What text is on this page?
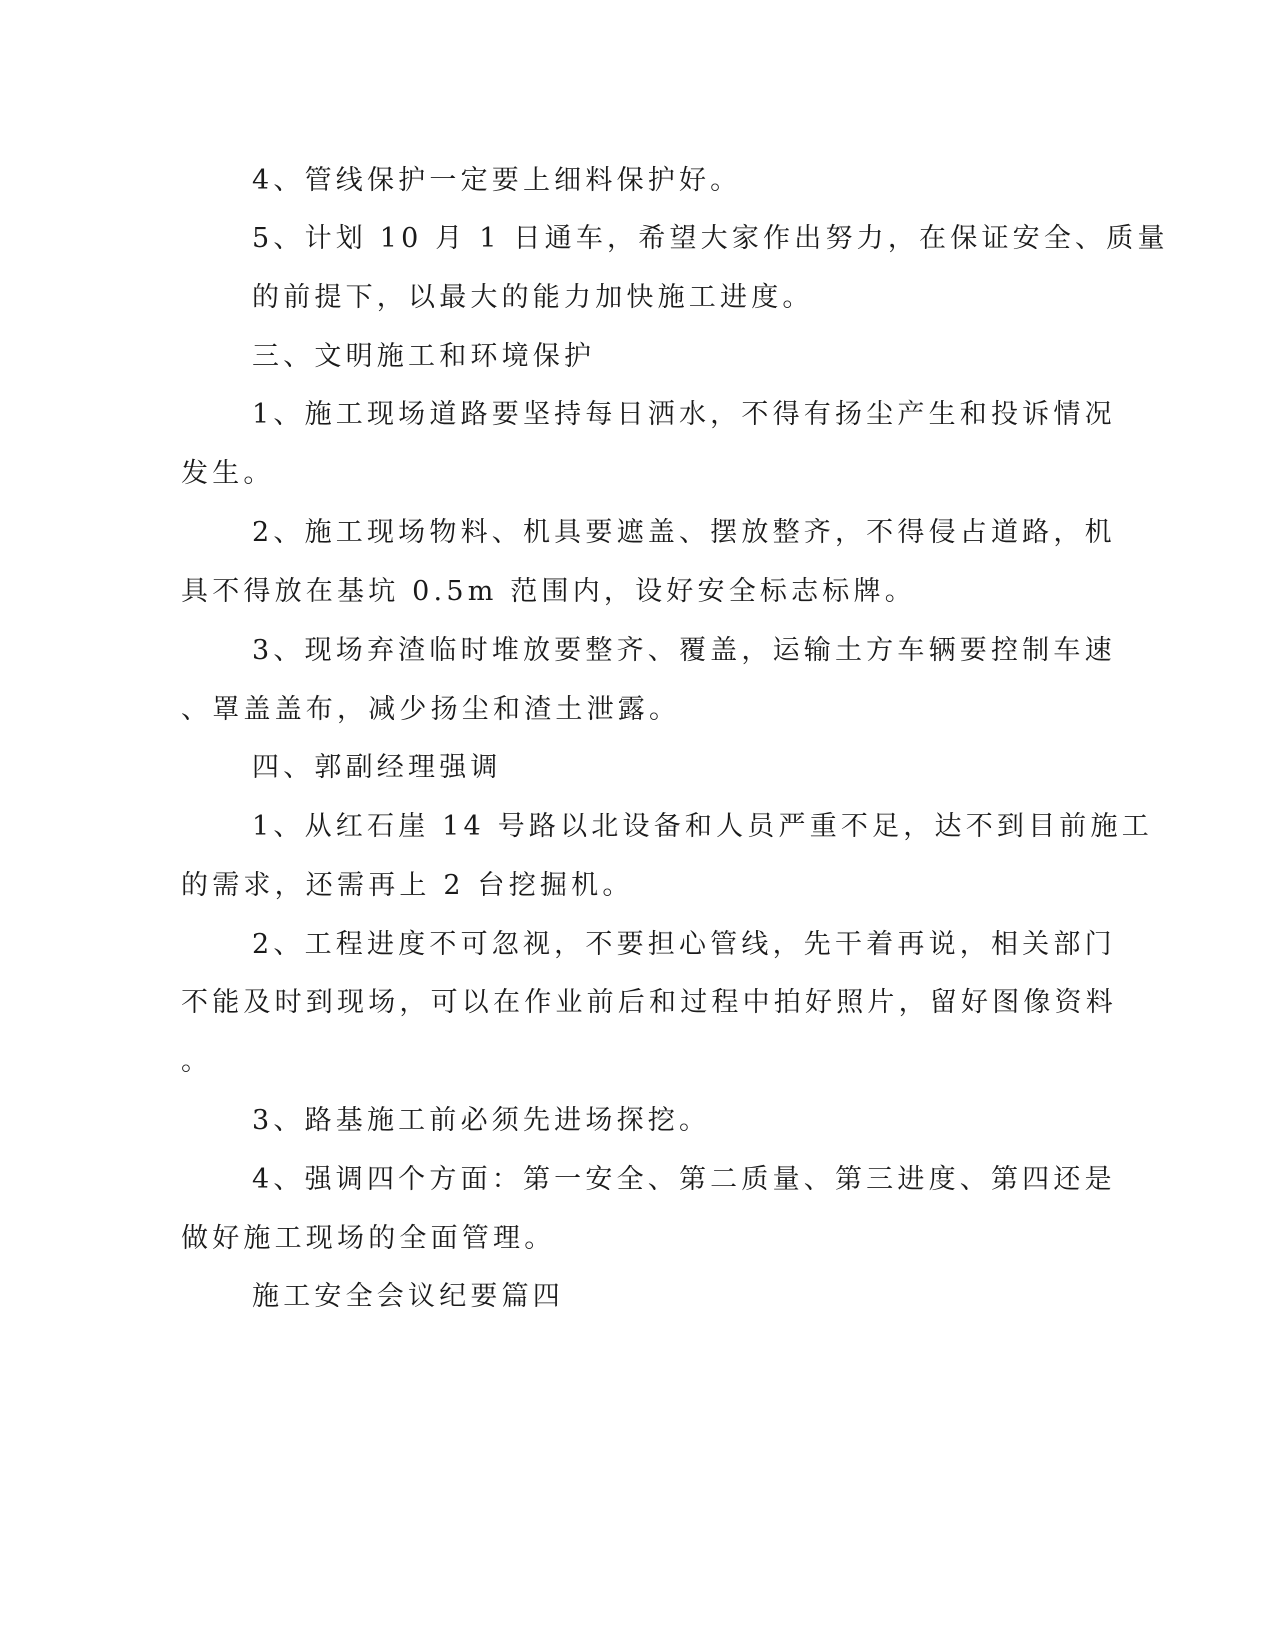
4、管线保护一定要上细料保护好。
5、计划 10 月 1 日通车，希望大家作出努力，在保证安全、质量
的前提下，以最大的能力加快施工进度。
三、文明施工和环境保护
1、施工现场道路要坚持每日洒水，不得有扬尘产生和投诉情况
发生。
2、施工现场物料、机具要遮盖、摆放整齐，不得侵占道路，机
具不得放在基坑 0.5m 范围内，设好安全标志标牌。
3、现场弃渣临时堆放要整齐、覆盖，运输土方车辆要控制车速
、罩盖盖布，减少扬尘和渣土泄露。
四、郭副经理强调
1、从红石崖 14 号路以北设备和人员严重不足，达不到目前施工
的需求，还需再上 2 台挖掘机。
2、工程进度不可忽视，不要担心管线，先干着再说，相关部门
不能及时到现场，可以在作业前后和过程中拍好照片，留好图像资料
。
3、路基施工前必须先进场探挖。
4、强调四个方面：第一安全、第二质量、第三进度、第四还是
做好施工现场的全面管理。
施工安全会议纪要篇四
